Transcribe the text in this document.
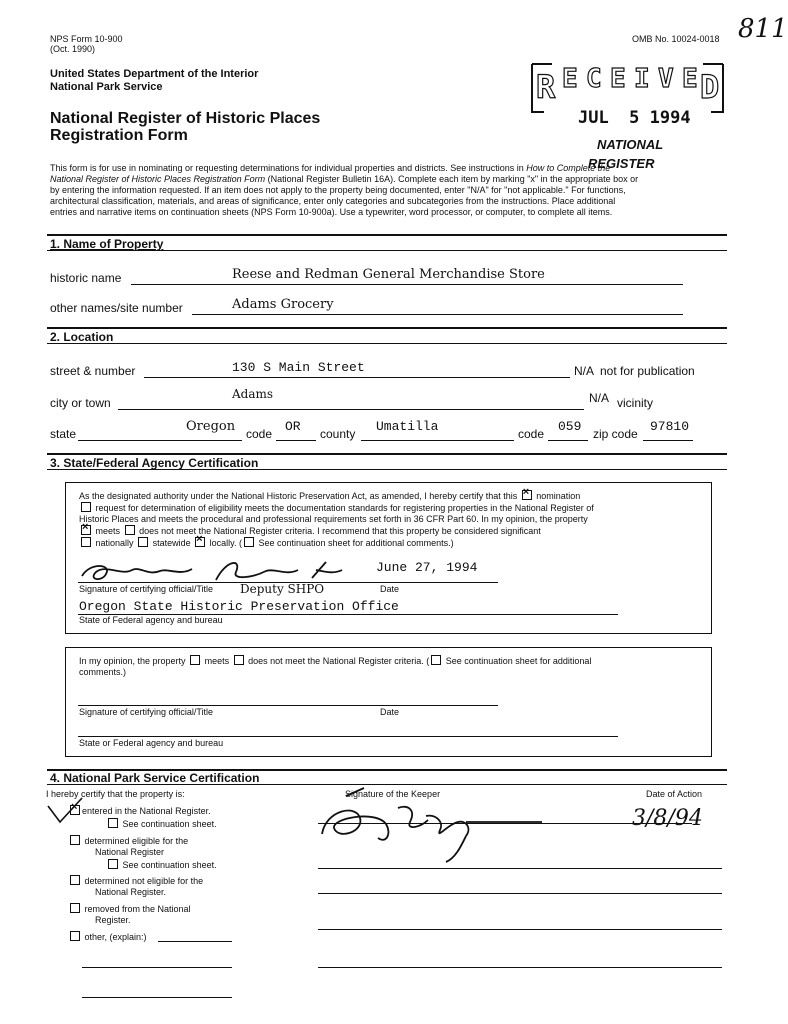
NPS Form 10-900
(Oct. 1990)
OMB No. 10024-0018 811
United States Department of the Interior
National Park Service
National Register of Historic Places
Registration Form
R E C E I V E D
JUL  5 1994
NATIONAL
REGISTER
This form is for use in nominating or requesting determinations for individual properties and districts. See instructions in How to Complete the
National Register of Historic Places Registration Form (National Register Bulletin 16A). Complete each item by marking "x" in the appropriate box or
by entering the information requested. If an item does not apply to the property being documented, enter "N/A" for "not applicable." For functions,
architectural classification, materials, and areas of significance, enter only categories and subcategories from the instructions. Place additional
entries and narrative items on continuation sheets (NPS Form 10-900a). Use a typewriter, word processor, or computer, to complete all items.
1. Name of Property
historic name	Reese and Redman General Merchandise Store
other names/site number	Adams Grocery
2. Location
street & number	130 S Main Street	N/A not for publication
city or town
Adams	N/A vicinity
state	Oregon code OR county Umatilla	code 059 zip code 97810
3. State/Federal Agency Certification
As the designated authority under the National Historic Preservation Act, as amended, I hereby certify that this × nomination
request for determination of eligibility meets the documentation standards for registering properties in the National Register of
Historic Places and meets the procedural and professional requirements set forth in 36 CFR Part 60. In my opinion, the property
× meets does not meet the National Register criteria. I recommend that this property be considered significant
nationally statewide × locally. ( See continuation sheet for additional comments.)
June 27, 1994
Signature of certifying official/Title Deputy SHPO	Date
Oregon State Historic Preservation Office
State of Federal agency and bureau
In my opinion, the property meets does not meet the National Register criteria. ( See continuation sheet for additional
comments.)
Signature of certifying official/Title	Date
State or Federal agency and bureau
4. National Park Service Certification
I hereby certify that the property is:	Signature of the Keeper	Date of Action
×entered in the National Register.
See continuation sheet.
determined eligible for the
National Register
See continuation sheet.
determined not eligible for the
National Register.
removed from the National
Register.
other, (explain:)
3/8/94
